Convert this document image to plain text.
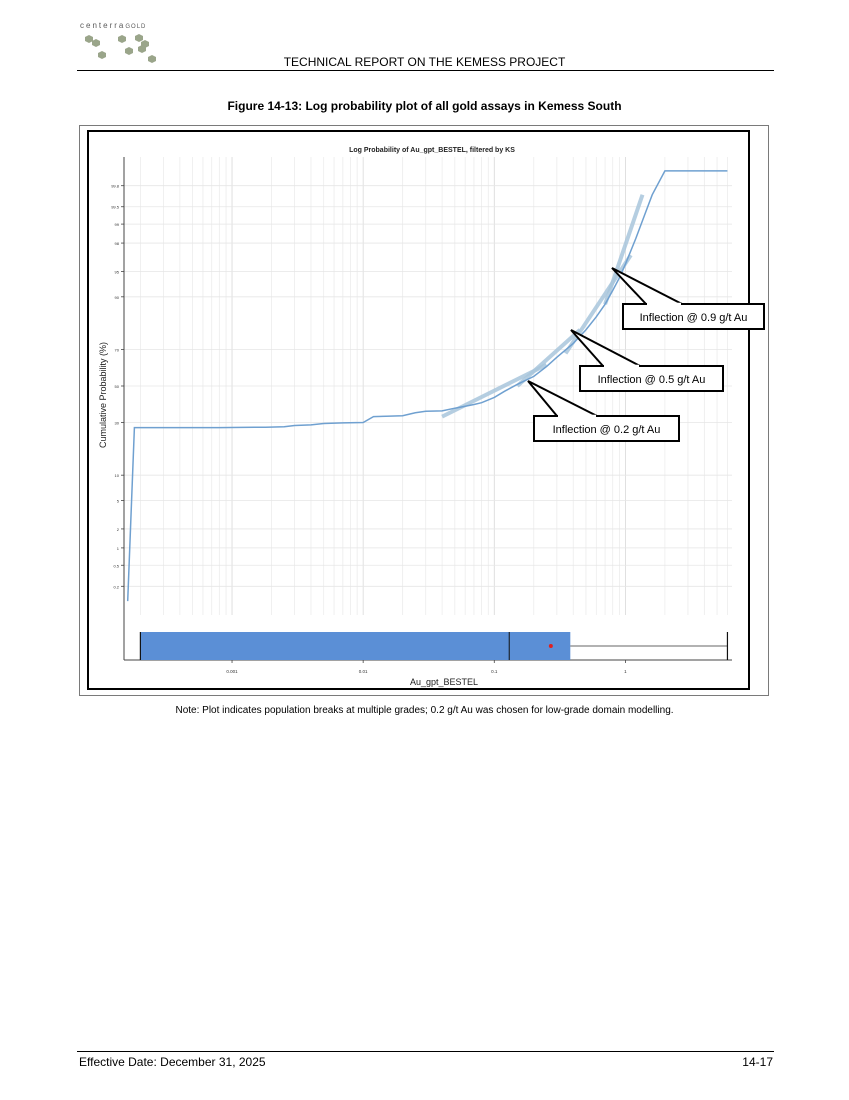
centerraGOLD
TECHNICAL REPORT ON THE KEMESS PROJECT
Figure 14-13: Log probability plot of all gold assays in Kemess South
0.2
0.5
1
2
5
10
30
50
70
90
95
98
99
99.5
99.8
0.001	0.01	0.1	1
Inflection @ 0.9 g/t Au
Inflection @ 0.5 g/t Au
Inflection @ 0.2 g/t Au
Log Probability of Au_gpt_BESTEL, filtered by KS
Au_gpt_BESTEL
Cumulative Probability (%)
Note: Plot indicates population breaks at multiple grades; 0.2 g/t Au was chosen for low-grade domain modelling.
Effective Date: December 31, 2025	14-17
